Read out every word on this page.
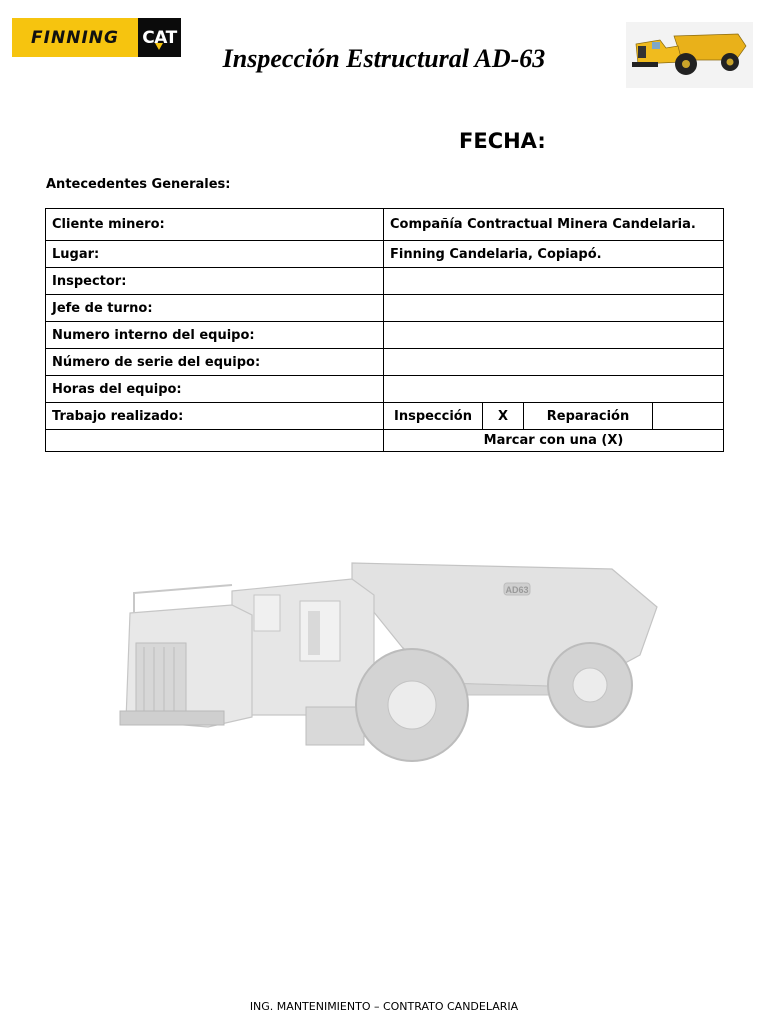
FINNING CAT
Inspección Estructural AD-63
FECHA:
Antecedentes Generales:
Cliente minero:	Compañía Contractual Minera Candelaria.
Lugar:	Finning Candelaria, Copiapó.
Inspector:	
Jefe de turno:	
Numero interno del equipo:	
Número de serie del equipo:	
Horas del equipo:	
Trabajo realizado:	Inspección X Reparación

	Marcar con una (X)
AD63
ING. MANTENIMIENTO – CONTRATO CANDELARIA
